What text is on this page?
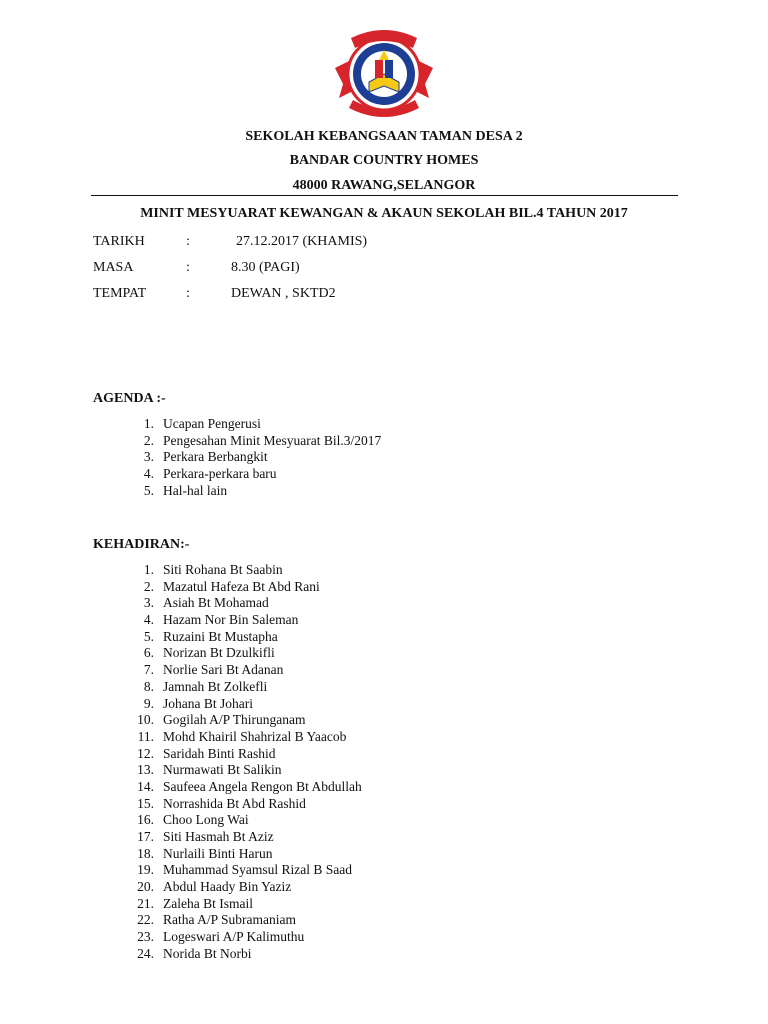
SEKOLAH KEBANGSAAN TAMAN DESA 2
BANDAR COUNTRY HOMES
48000 RAWANG,SELANGOR
MINIT MESYUARAT KEWANGAN & AKAUN SEKOLAH BIL.4 TAHUN 2017
TARIKH	:	27.12.2017 (KHAMIS)
MASA	:	8.30 (PAGI)
TEMPAT	:	DEWAN , SKTD2
AGENDA :-
1. Ucapan Pengerusi
2. Pengesahan Minit Mesyuarat Bil.3/2017
3. Perkara Berbangkit
4. Perkara-perkara baru
5. Hal-hal lain
KEHADIRAN:-
1. Siti Rohana Bt Saabin
2. Mazatul Hafeza Bt Abd Rani
3. Asiah Bt Mohamad
4. Hazam Nor Bin Saleman
5. Ruzaini Bt Mustapha
6. Norizan Bt Dzulkifli
7. Norlie Sari Bt Adanan
8. Jamnah Bt Zolkefli
9. Johana Bt Johari
10. Gogilah A/P Thirunganam
11. Mohd Khairil Shahrizal B Yaacob
12. Saridah Binti Rashid
13. Nurmawati Bt Salikin
14. Saufeea Angela Rengon Bt Abdullah
15. Norrashida Bt Abd Rashid
16. Choo Long Wai
17. Siti Hasmah Bt Aziz
18. Nurlaili Binti Harun
19. Muhammad Syamsul Rizal B Saad
20. Abdul Haady Bin Yaziz
21. Zaleha Bt Ismail
22. Ratha A/P Subramaniam
23. Logeswari A/P Kalimuthu
24. Norida Bt Norbi
